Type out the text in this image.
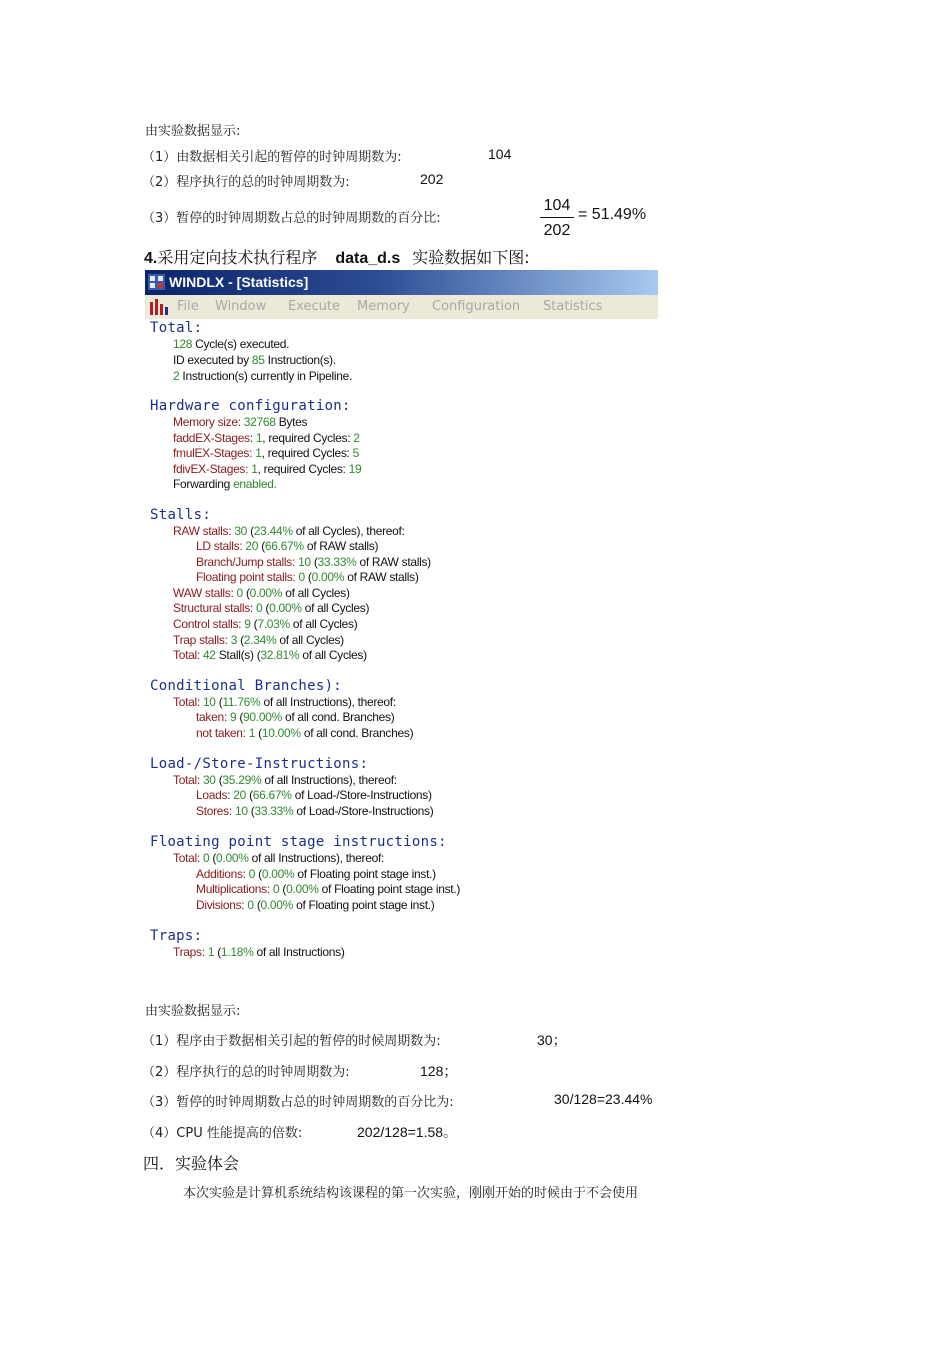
由实验数据显示:
（1）由数据相关引起的暂停的时钟周期数为:	104
（2）程序执行的总的时钟周期数为:	202
（3）暂停的时钟周期数占总的时钟周期数的百分比:
104
202
= 51.49%
4.采用定向技术执行程序 data_d.s 实验数据如下图:
WINDLX - [Statistics]
File Window Execute Memory Configuration Statistics
Total:
128 Cycle(s) executed.
ID executed by 85 Instruction(s).
2 Instruction(s) currently in Pipeline.
Hardware configuration:
Memory size: 32768 Bytes
faddEX-Stages: 1, required Cycles: 2
fmulEX-Stages: 1, required Cycles: 5
fdivEX-Stages: 1, required Cycles: 19
Forwarding enabled.
Stalls:
RAW stalls: 30 (23.44% of all Cycles), thereof:
LD stalls: 20 (66.67% of RAW stalls)
Branch/Jump stalls: 10 (33.33% of RAW stalls)
Floating point stalls: 0 (0.00% of RAW stalls)
WAW stalls: 0 (0.00% of all Cycles)
Structural stalls: 0 (0.00% of all Cycles)
Control stalls: 9 (7.03% of all Cycles)
Trap stalls: 3 (2.34% of all Cycles)
Total: 42 Stall(s) (32.81% of all Cycles)
Conditional Branches):
Total: 10 (11.76% of all Instructions), thereof:
taken: 9 (90.00% of all cond. Branches)
not taken: 1 (10.00% of all cond. Branches)
Load-/Store-Instructions:
Total: 30 (35.29% of all Instructions), thereof:
Loads: 20 (66.67% of Load-/Store-Instructions)
Stores: 10 (33.33% of Load-/Store-Instructions)
Floating point stage instructions:
Total: 0 (0.00% of all Instructions), thereof:
Additions: 0 (0.00% of Floating point stage inst.)
Multiplications: 0 (0.00% of Floating point stage inst.)
Divisions: 0 (0.00% of Floating point stage inst.)
Traps:
Traps: 1 (1.18% of all Instructions)
由实验数据显示:
（1）程序由于数据相关引起的暂停的时候周期数为:	30；
（2）程序执行的总的时钟周期数为:	128；
（3）暂停的时钟周期数占总的时钟周期数的百分比为:	30/128=23.44%
（4）CPU 性能提高的倍数:	202/128=1.58。
四．实验体会
本次实验是计算机系统结构该课程的第一次实验，刚刚开始的时候由于不会使用
